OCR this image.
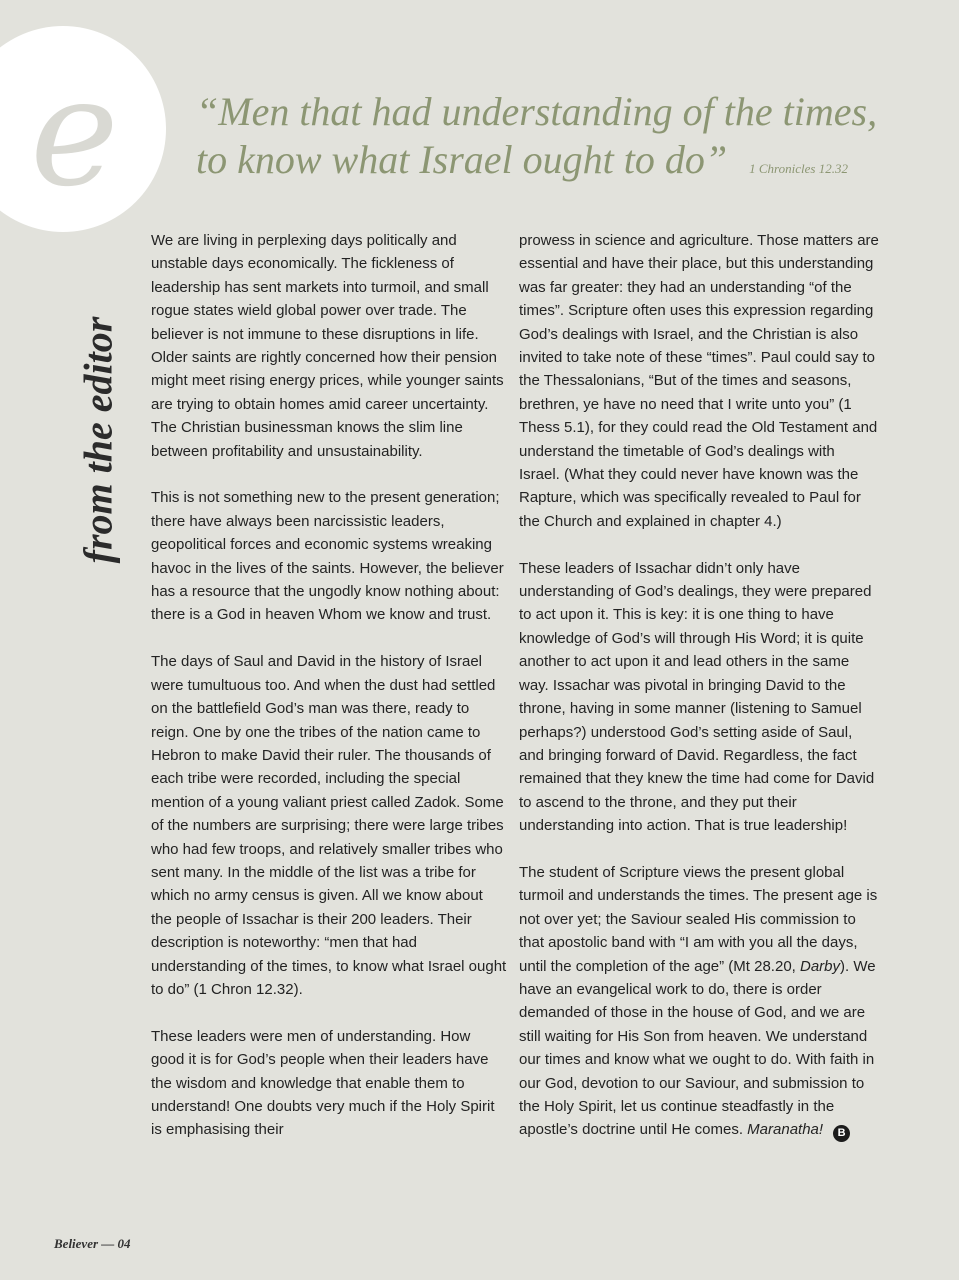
e “Men that had understanding of the times,
to know what Israel ought to do” 1 Chronicles 12.32
from the editor

We are living in perplexing days politically and unstable days economically. The fickleness of leadership has sent markets into turmoil, and small rogue states wield global power over trade. The believer is not immune to these disruptions in life. Older saints are rightly concerned how their pension might meet rising energy prices, while younger saints are trying to obtain homes amid career uncertainty. The Christian businessman knows the slim line between profitability and unsustainability.

This is not something new to the present generation; there have always been narcissistic leaders, geopolitical forces and economic systems wreaking havoc in the lives of the saints. However, the believer has a resource that the ungodly know nothing about: there is a God in heaven Whom we know and trust.

The days of Saul and David in the history of Israel were tumultuous too. And when the dust had settled on the battlefield God’s man was there, ready to reign. One by one the tribes of the nation came to Hebron to make David their ruler. The thousands of each tribe were recorded, including the special mention of a young valiant priest called Zadok. Some of the numbers are surprising; there were large tribes who had few troops, and relatively smaller tribes who sent many. In the middle of the list was a tribe for which no army census is given. All we know about the people of Issachar is their 200 leaders. Their description is noteworthy: “men that had understanding of the times, to know what Israel ought to do” (1 Chron 12.32).

These leaders were men of understanding. How good it is for God’s people when their leaders have the wisdom and knowledge that enable them to understand! One doubts very much if the Holy Spirit is emphasising their

prowess in science and agriculture. Those matters are essential and have their place, but this understanding was far greater: they had an understanding “of the times”. Scripture often uses this expression regarding God’s dealings with Israel, and the Christian is also invited to take note of these “times”. Paul could say to the Thessalonians, “But of the times and seasons, brethren, ye have no need that I write unto you” (1 Thess 5.1), for they could read the Old Testament and understand the timetable of God’s dealings with Israel. (What they could never have known was the Rapture, which was specifically revealed to Paul for the Church and explained in chapter 4.)

These leaders of Issachar didn’t only have understanding of God’s dealings, they were prepared to act upon it. This is key: it is one thing to have knowledge of God’s will through His Word; it is quite another to act upon it and lead others in the same way. Issachar was pivotal in bringing David to the throne, having in some manner (listening to Samuel perhaps?) understood God’s setting aside of Saul, and bringing forward of David. Regardless, the fact remained that they knew the time had come for David to ascend to the throne, and they put their understanding into action. That is true leadership!

The student of Scripture views the present global turmoil and understands the times. The present age is not over yet; the Saviour sealed His commission to that apostolic band with “I am with you all the days, until the completion of the age” (Mt 28.20, Darby). We have an evangelical work to do, there is order demanded of those in the house of God, and we are still waiting for His Son from heaven. We understand our times and know what we ought to do. With faith in our God, devotion to our Saviour, and submission to the Holy Spirit, let us continue steadfastly in the apostle’s doctrine until He comes. Maranatha! B

Believer — 04
